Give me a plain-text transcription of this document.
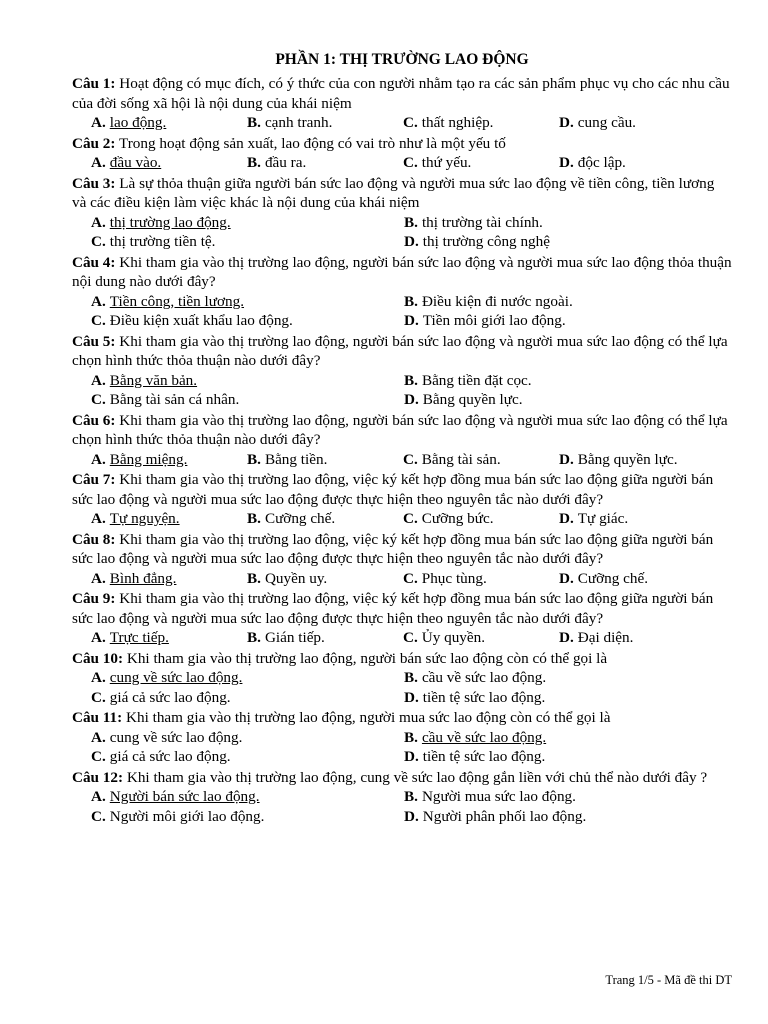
PHẦN 1: THỊ TRƯỜNG LAO ĐỘNG

Câu 1: Hoạt động có mục đích, có ý thức của con người nhằm tạo ra các sản phẩm phục vụ cho các nhu cầu của đời sống xã hội là nội dung của khái niệm

A. lao động.	B. cạnh tranh.	C. thất nghiệp.	D. cung cầu.

Câu 2: Trong hoạt động sản xuất, lao động có vai trò như là một yếu tố

A. đầu vào.	B. đầu ra.	C. thứ yếu.	D. độc lập.

Câu 3: Là sự thỏa thuận giữa người bán sức lao động và người mua sức lao động về tiền công, tiền lương và các điều kiện làm việc khác là nội dung của khái niệm

A. thị trường lao động.	B. thị trường tài chính.
C. thị trường tiền tệ.	D. thị trường công nghệ

Câu 4: Khi tham gia vào thị trường lao động, người bán sức lao động và người mua sức lao động thỏa thuận nội dung nào dưới đây?

A. Tiền công, tiền lương.	B. Điều kiện đi nước ngoài.
C. Điều kiện xuất khẩu lao động.	D. Tiền môi giới lao động.

Câu 5: Khi tham gia vào thị trường lao động, người bán sức lao động và người mua sức lao động có thể lựa chọn hình thức thỏa thuận nào dưới đây?

A. Bằng văn bản.	B. Bằng tiền đặt cọc.
C. Bằng tài sản cá nhân.	D. Bằng quyền lực.

Câu 6: Khi tham gia vào thị trường lao động, người bán sức lao động và người mua sức lao động có thể lựa chọn hình thức thỏa thuận nào dưới đây?

A. Bằng miệng.	B. Bằng tiền.	C. Bằng tài sản.	D. Bằng quyền lực.

Câu 7: Khi tham gia vào thị trường lao động, việc ký kết hợp đồng mua bán sức lao động giữa người bán sức lao động và người mua sức lao động được thực hiện theo nguyên tắc nào dưới đây?

A. Tự nguyện.	B. Cưỡng chế.	C. Cưỡng bức.	D. Tự giác.

Câu 8: Khi tham gia vào thị trường lao động, việc ký kết hợp đồng mua bán sức lao động giữa người bán sức lao động và người mua sức lao động được thực hiện theo nguyên tắc nào dưới đây?

A. Bình đẳng.	B. Quyền uy.	C. Phục tùng.	D. Cưỡng chế.

Câu 9: Khi tham gia vào thị trường lao động, việc ký kết hợp đồng mua bán sức lao động giữa người bán sức lao động và người mua sức lao động được thực hiện theo nguyên tắc nào dưới đây?

A. Trực tiếp.	B. Gián tiếp.	C. Ủy quyền.	D. Đại diện.

Câu 10: Khi tham gia vào thị trường lao động, người bán sức lao động còn có thể gọi là

A. cung về sức lao động.	B. cầu về sức lao động.
C. giá cả sức lao động.	D. tiền tệ sức lao động.

Câu 11: Khi tham gia vào thị trường lao động, người mua sức lao động còn có thể gọi là

A. cung về sức lao động.	B. cầu về sức lao động.
C. giá cả sức lao động.	D. tiền tệ sức lao động.

Câu 12: Khi tham gia vào thị trường lao động, cung về sức lao động gắn liền với chủ thể nào dưới đây ?

A. Người bán sức lao động.	B. Người mua sức lao động.
C. Người môi giới lao động.	D. Người phân phối lao động.
Trang 1/5 - Mã đề thi DT
